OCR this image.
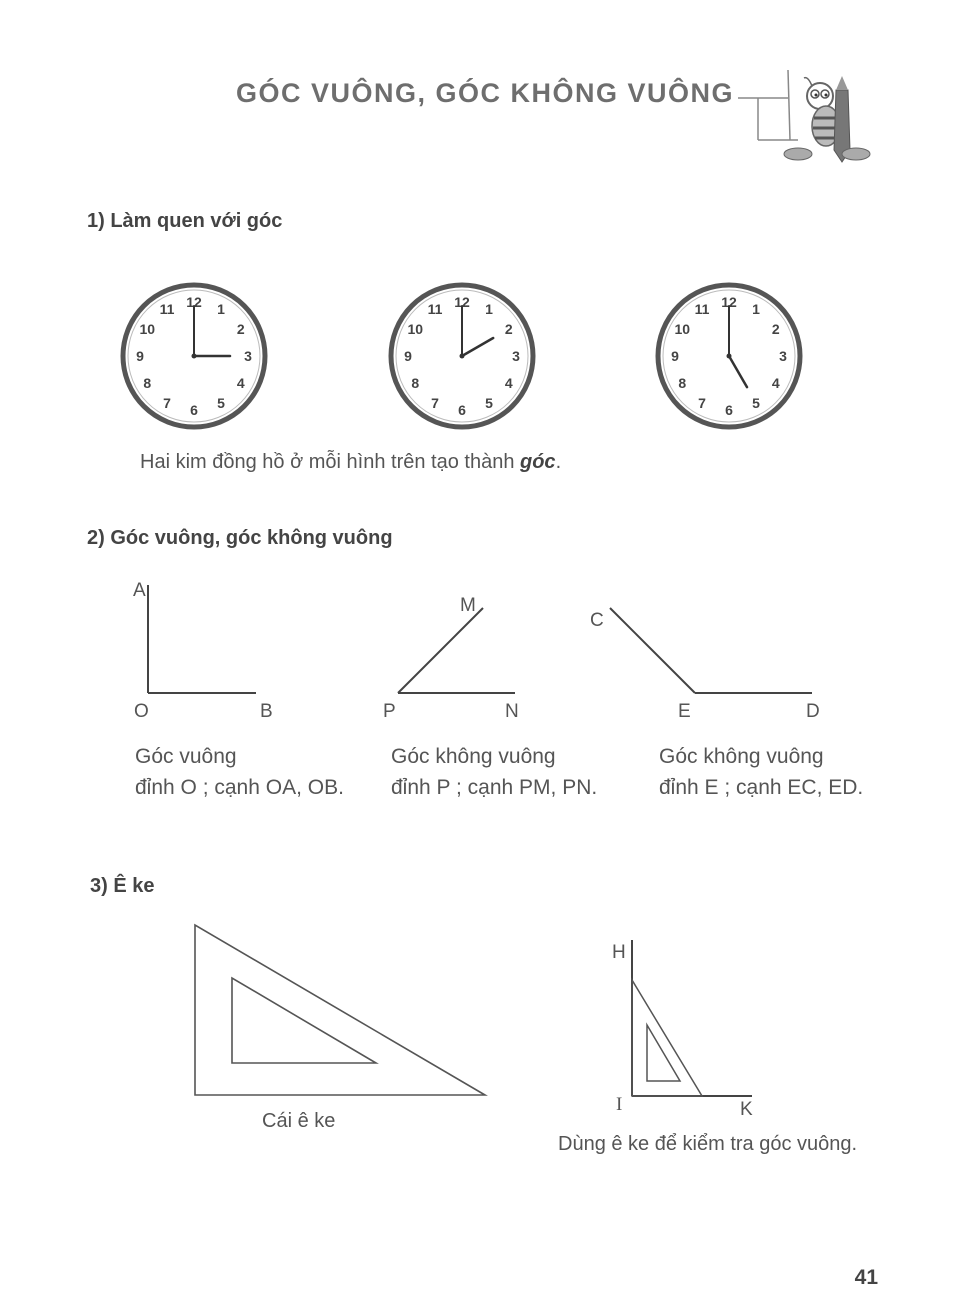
GÓC VUÔNG, GÓC KHÔNG VUÔNG
1) Làm quen với góc
12 1
2
3
4
5
6
7
8
9
10
11	12 1
2
3
4
5
6
7
8
9
10
11	12 1
2
3
4
5
6
7
8
9
10
11
Hai kim đồng hồ ở mỗi hình trên tạo thành góc.
2) Góc vuông, góc không vuông
A
O	B
M
P	N
C
E	D
Góc vuông
đỉnh O ; cạnh OA, OB.
Góc không vuông
đỉnh P ; cạnh PM, PN.
Góc không vuông
đỉnh E ; cạnh EC, ED.
3) Ê ke
Cái ê ke
H
I	K
Dùng ê ke để kiểm tra góc vuông.
41
